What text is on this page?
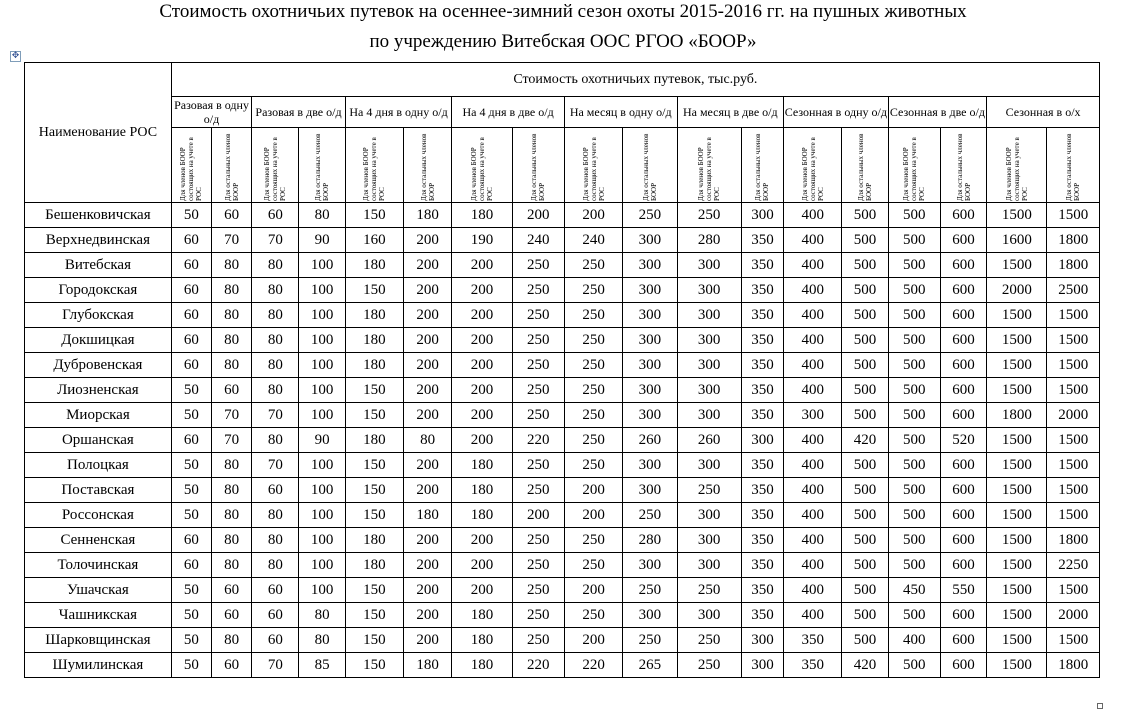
Стоимость охотничьих путевок на осеннее-зимний сезон охоты 2015-2016 гг. на пушных животных
по учреждению Витебская ООС РГОО «БООР»
✥
Наименование РОС	Стоимость охотничьих путевок, тыс.руб.																	
	Разовая в одну о/д		Разовая в две о/д		На 4 дня в одну о/д		На 4 дня в две о/д		На месяц в одну о/д		На месяц в две о/д		Сезонная в одну о/д		Сезонная в две о/д		Сезонная в о/х	

	Для членов БООР состоящих на учете в РОС	Для остальных членов БООР	Для членов БООР состоящих на учете в РОС	Для остальных членов БООР	Для членов БООР состоящих на учете в РОС	Для остальных членов БООР	Для членов БООР состоящих на учете в РОС	Для остальных членов БООР	Для членов БООР состоящих на учете в РОС	Для остальных членов БООР	Для членов БООР состоящих на учете в РОС	Для остальных членов БООР	Для членов БООР состоящих на учете в РОС	Для остальных членов БООР	Для членов БООР состоящих на учете в РОС	Для остальных членов БООР	Для членов БООР состоящих на учете в РОС	Для остальных членов БООР

Бешенковичская	50	60	60	80	150	180	180	200	200	250	250	300	400	500	500	600	1500	1500
Верхнедвинская	60	70	70	90	160	200	190	240	240	300	280	350	400	500	500	600	1600	1800
Витебская	60	80	80	100	180	200	200	250	250	300	300	350	400	500	500	600	1500	1800
Городокская	60	80	80	100	150	200	200	250	250	300	300	350	400	500	500	600	2000	2500
Глубокская	60	80	80	100	180	200	200	250	250	300	300	350	400	500	500	600	1500	1500
Докшицкая	60	80	80	100	180	200	200	250	250	300	300	350	400	500	500	600	1500	1500
Дубровенская	60	80	80	100	180	200	200	250	250	300	300	350	400	500	500	600	1500	1500
Лиозненская	50	60	80	100	150	200	200	250	250	300	300	350	400	500	500	600	1500	1500
Миорская	50	70	70	100	150	200	200	250	250	300	300	350	300	500	500	600	1800	2000
Оршанская	60	70	80	90	180	80	200	220	250	260	260	300	400	420	500	520	1500	1500
Полоцкая	50	80	70	100	150	200	180	250	250	300	300	350	400	500	500	600	1500	1500
Поставская	50	80	60	100	150	200	180	250	200	300	250	350	400	500	500	600	1500	1500
Россонская	50	80	80	100	150	180	180	200	200	250	300	350	400	500	500	600	1500	1500
Сенненская	60	80	80	100	180	200	200	250	250	280	300	350	400	500	500	600	1500	1800
Толочинская	60	80	80	100	180	200	200	250	250	300	300	350	400	500	500	600	1500	2250
Ушачская	50	60	60	100	150	200	200	250	200	250	250	350	400	500	450	550	1500	1500
Чашникская	50	60	60	80	150	200	180	250	250	300	300	350	400	500	500	600	1500	2000
Шарковщинская	50	80	60	80	150	200	180	250	200	250	250	300	350	500	400	600	1500	1500
Шумилинская	50	60	70	85	150	180	180	220	220	265	250	300	350	420	500	600	1500	1800
